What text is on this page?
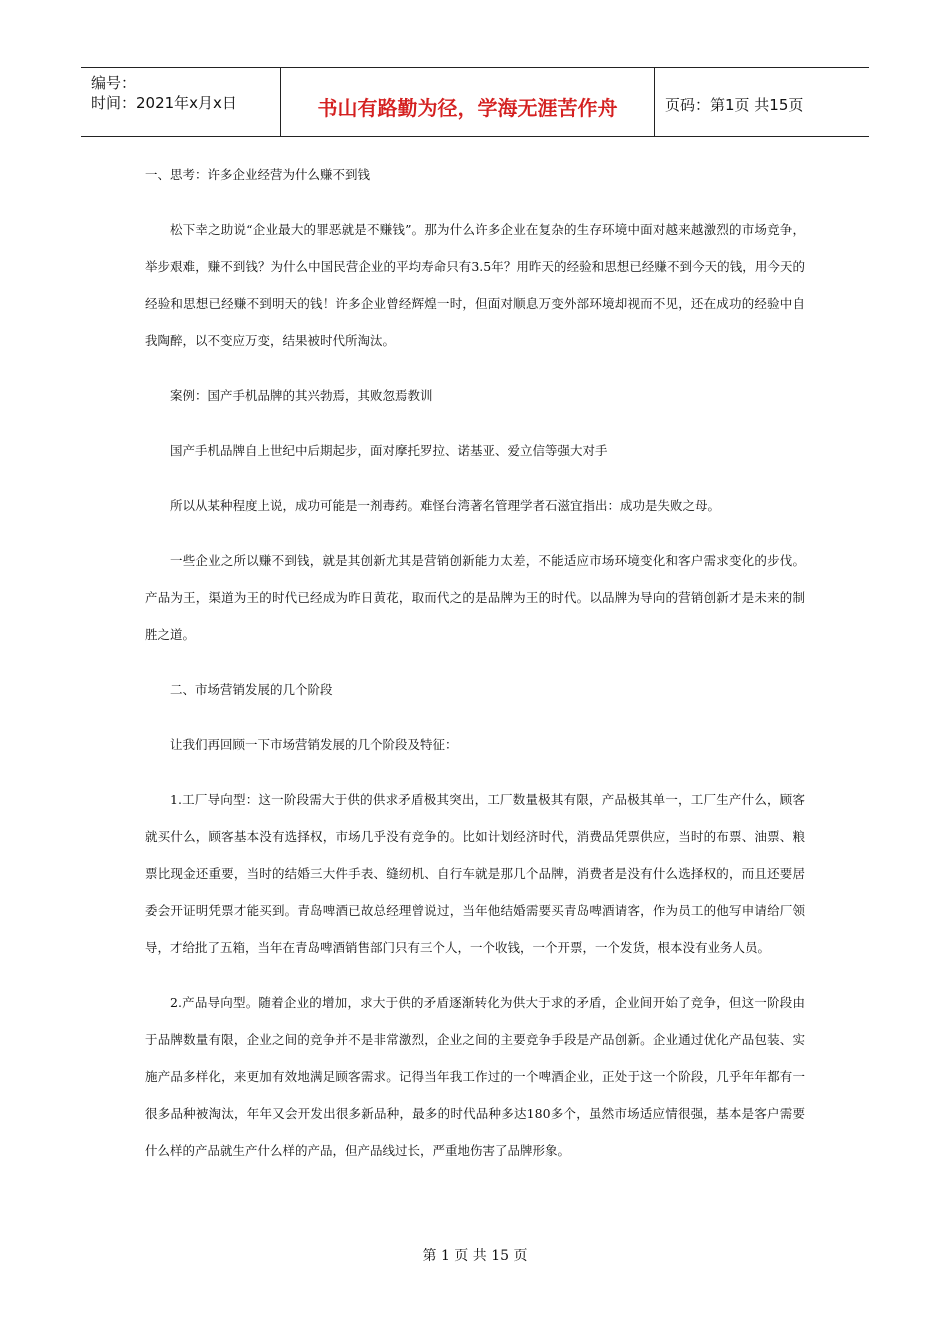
编号：
时间：2021年x月x日	书山有路勤为径，学海无涯苦作舟	页码：第1页 共15页

一、思考：许多企业经营为什么赚不到钱

松下幸之助说“企业最大的罪恶就是不赚钱”。那为什么许多企业在复杂的生存环境中面对越来越激烈的市场竞争，举步艰难，赚不到钱？为什么中国民营企业的平均寿命只有3.5年？用昨天的经验和思想已经赚不到今天的钱，用今天的经验和思想已经赚不到明天的钱！许多企业曾经辉煌一时，但面对顺息万变外部环境却视而不见，还在成功的经验中自我陶醉，以不变应万变，结果被时代所淘汰。

案例：国产手机品牌的其兴勃焉，其败忽焉教训

国产手机品牌自上世纪中后期起步，面对摩托罗拉、诺基亚、爱立信等强大对手

所以从某种程度上说，成功可能是一剂毒药。难怪台湾著名管理学者石滋宜指出：成功是失败之母。

一些企业之所以赚不到钱，就是其创新尤其是营销创新能力太差，不能适应市场环境变化和客户需求变化的步伐。产品为王，渠道为王的时代已经成为昨日黄花，取而代之的是品牌为王的时代。以品牌为导向的营销创新才是未来的制胜之道。

二、市场营销发展的几个阶段

让我们再回顾一下市场营销发展的几个阶段及特征：

1.工厂导向型：这一阶段需大于供的供求矛盾极其突出，工厂数量极其有限，产品极其单一，工厂生产什么，顾客就买什么，顾客基本没有选择权，市场几乎没有竞争的。比如计划经济时代，消费品凭票供应，当时的布票、油票、粮票比现金还重要，当时的结婚三大件手表、缝纫机、自行车就是那几个品牌，消费者是没有什么选择权的，而且还要居委会开证明凭票才能买到。青岛啤酒已故总经理曾说过，当年他结婚需要买青岛啤酒请客，作为员工的他写申请给厂领导，才给批了五箱，当年在青岛啤酒销售部门只有三个人，一个收钱，一个开票，一个发货，根本没有业务人员。

2.产品导向型。随着企业的增加，求大于供的矛盾逐渐转化为供大于求的矛盾，企业间开始了竞争，但这一阶段由于品牌数量有限，企业之间的竞争并不是非常激烈，企业之间的主要竞争手段是产品创新。企业通过优化产品包装、实施产品多样化，来更加有效地满足顾客需求。记得当年我工作过的一个啤酒企业，正处于这一个阶段，几乎年年都有一很多品种被淘汰，年年又会开发出很多新品种，最多的时代品种多达180多个，虽然市场适应情很强，基本是客户需要什么样的产品就生产什么样的产品，但产品线过长，严重地伤害了品牌形象。

第 1 页 共 15 页
